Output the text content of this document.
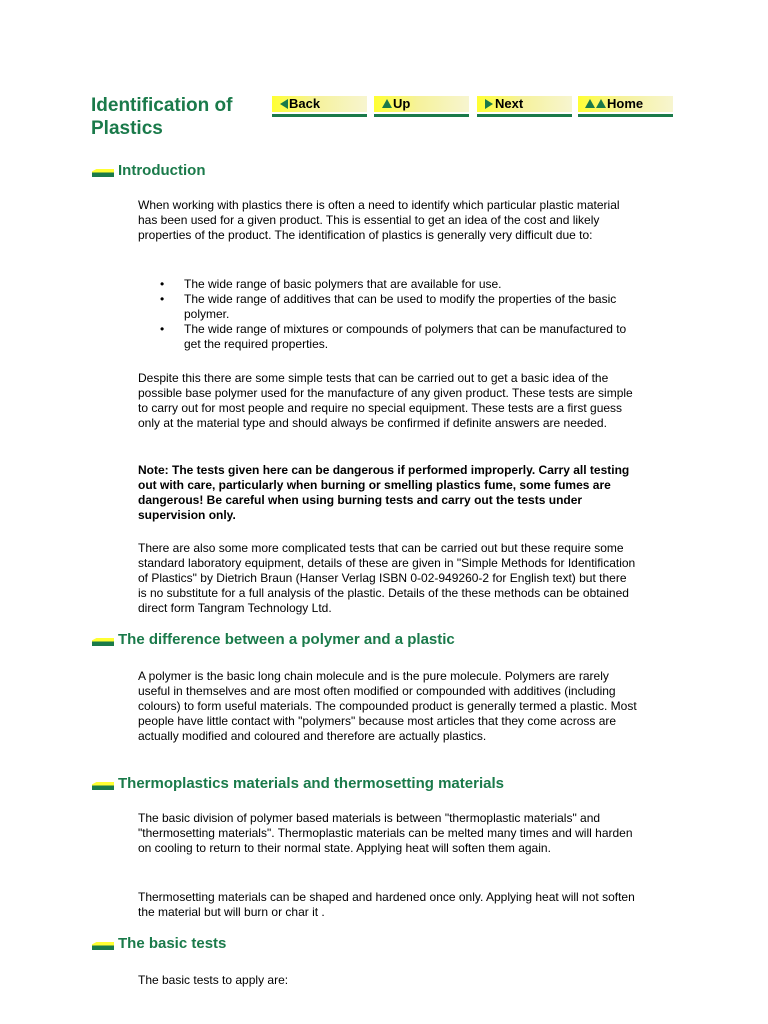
Identification of Plastics
Back	Up	Next	Home
Introduction

When working with plastics there is often a need to identify which particular plastic material has been used for a given product. This is essential to get an idea of the cost and likely properties of the product. The identification of plastics is generally very difficult due to:

• The wide range of basic polymers that are available for use.
• The wide range of additives that can be used to modify the properties of the basic polymer.
• The wide range of mixtures or compounds of polymers that can be manufactured to get the required properties.

Despite this there are some simple tests that can be carried out to get a basic idea of the possible base polymer used for the manufacture of any given product. These tests are simple to carry out for most people and require no special equipment. These tests are a first guess only at the material type and should always be confirmed if definite answers are needed.

Note: The tests given here can be dangerous if performed improperly. Carry all testing out with care, particularly when burning or smelling plastics fume, some fumes are dangerous! Be careful when using burning tests and carry out the tests under supervision only.

There are also some more complicated tests that can be carried out but these require some standard laboratory equipment, details of these are given in "Simple Methods for Identification of Plastics" by Dietrich Braun (Hanser Verlag ISBN 0-02-949260-2 for English text) but there is no substitute for a full analysis of the plastic. Details of the these methods can be obtained direct form Tangram Technology Ltd.

The difference between a polymer and a plastic

A polymer is the basic long chain molecule and is the pure molecule. Polymers are rarely useful in themselves and are most often modified or compounded with additives (including colours) to form useful materials. The compounded product is generally termed a plastic. Most people have little contact with "polymers" because most articles that they come across are actually modified and coloured and therefore are actually plastics.

Thermoplastics materials and thermosetting materials

The basic division of polymer based materials is between "thermoplastic materials" and "thermosetting materials". Thermoplastic materials can be melted many times and will harden on cooling to return to their normal state. Applying heat will soften them again.

Thermosetting materials can be shaped and hardened once only. Applying heat will not soften the material but will burn or char it .

The basic tests

The basic tests to apply are:
